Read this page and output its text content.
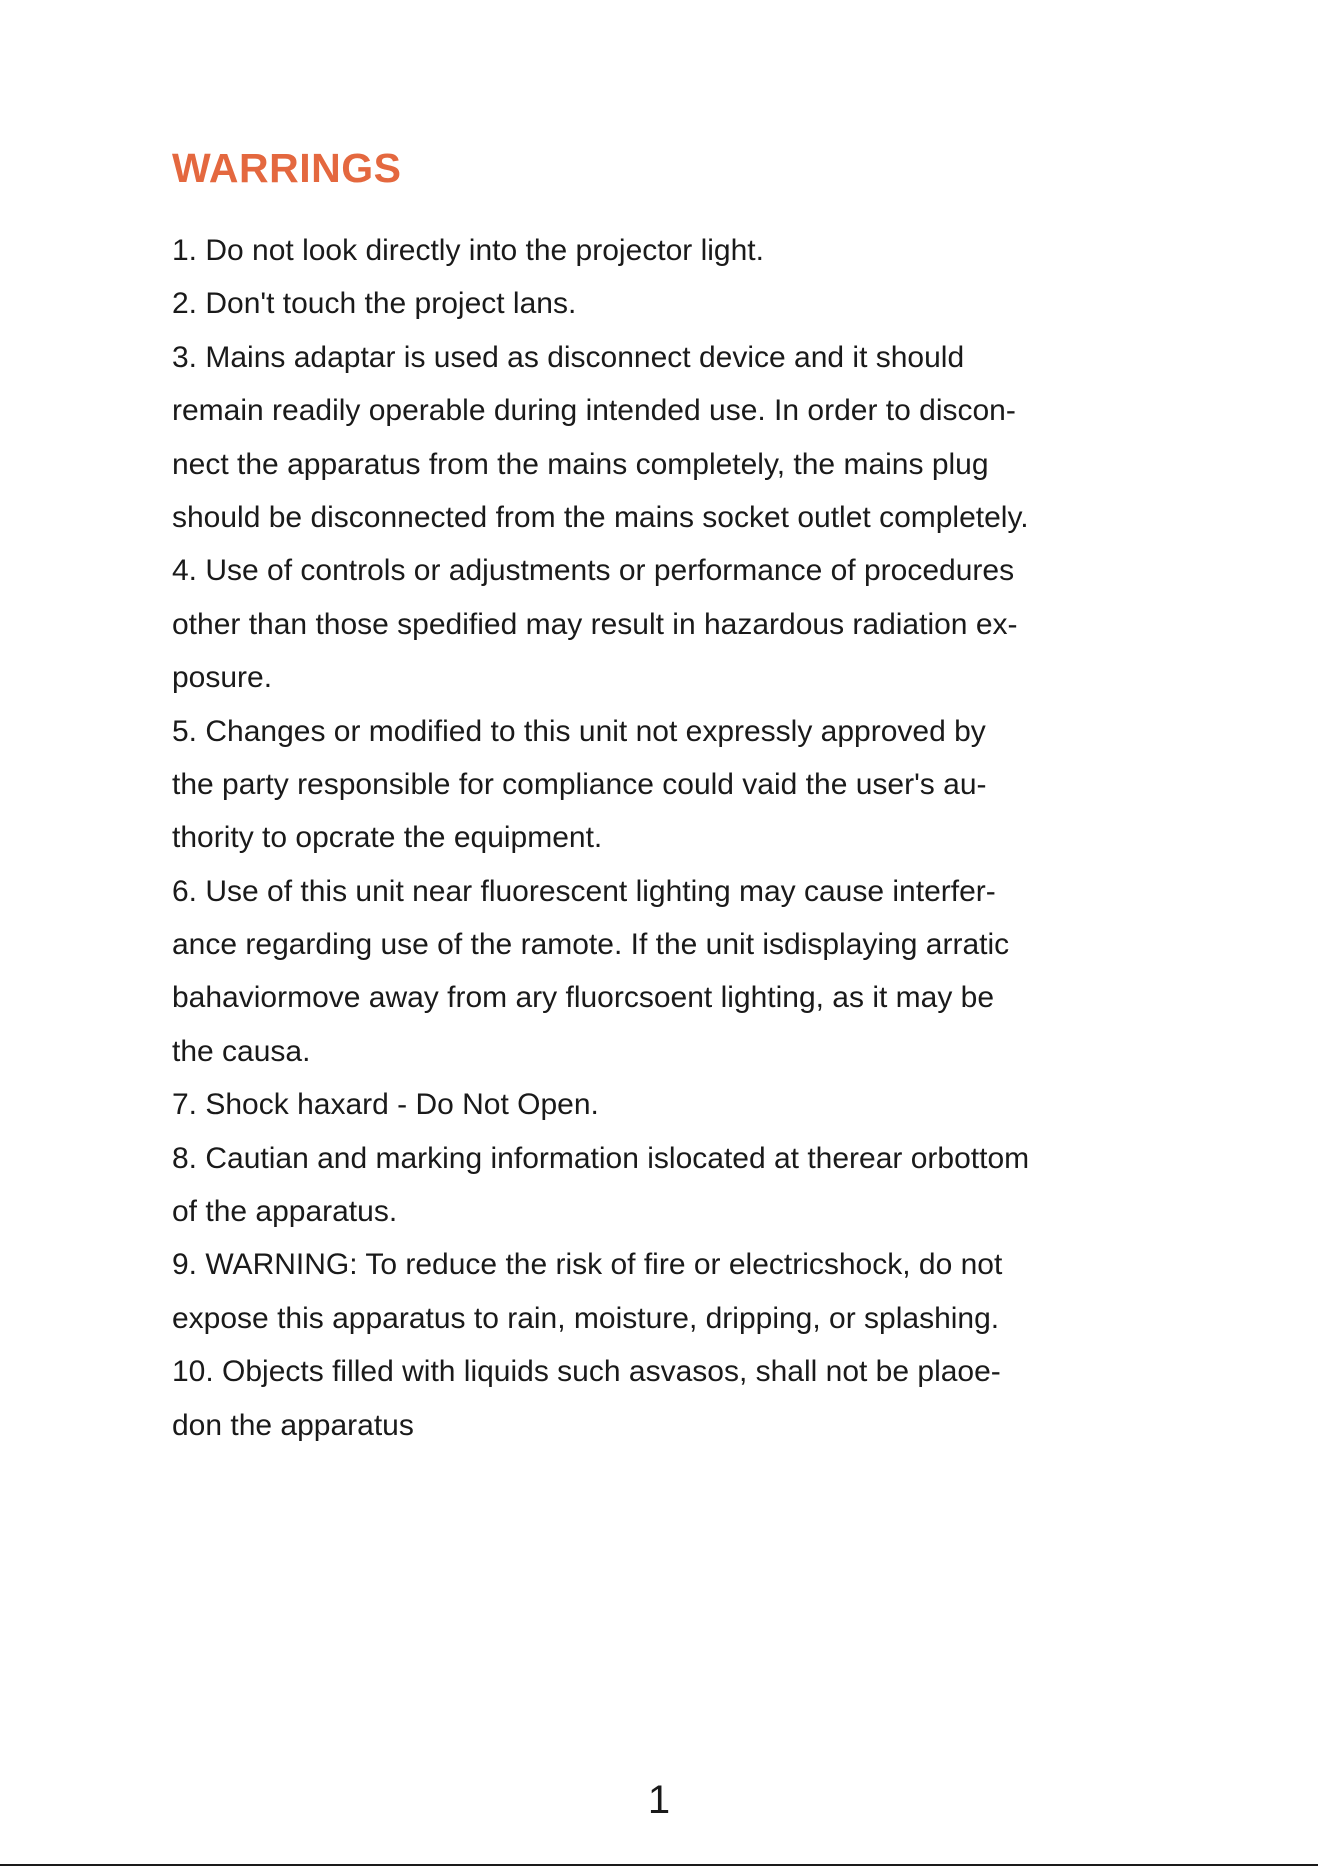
WARRINGS
1. Do not look directly into the projector light.
2. Don't touch the project lans.
3. Mains adaptar is used as disconnect device and it should
remain readily operable during intended use. In order to discon-
nect the apparatus from the mains completely, the mains plug
should be disconnected from the mains socket outlet completely.
4. Use of controls or adjustments or performance of procedures
other than those spedified may result in hazardous radiation ex-
posure.
5. Changes or modified to this unit not expressly approved by
the party responsible for compliance could vaid the user's au-
thority to opcrate the equipment.
6. Use of this unit near fluorescent lighting may cause interfer-
ance regarding use of the ramote. If the unit isdisplaying arratic
bahaviormove away from ary fluorcsoent lighting, as it may be
the causa.
7. Shock haxard - Do Not Open.
8. Cautian and marking information islocated at therear orbottom
of the apparatus.
9. WARNING: To reduce the risk of fire or electricshock, do not
expose this apparatus to rain, moisture, dripping, or splashing.
10. Objects filled with liquids such asvasos, shall not be plaoe-
don the apparatus
1
